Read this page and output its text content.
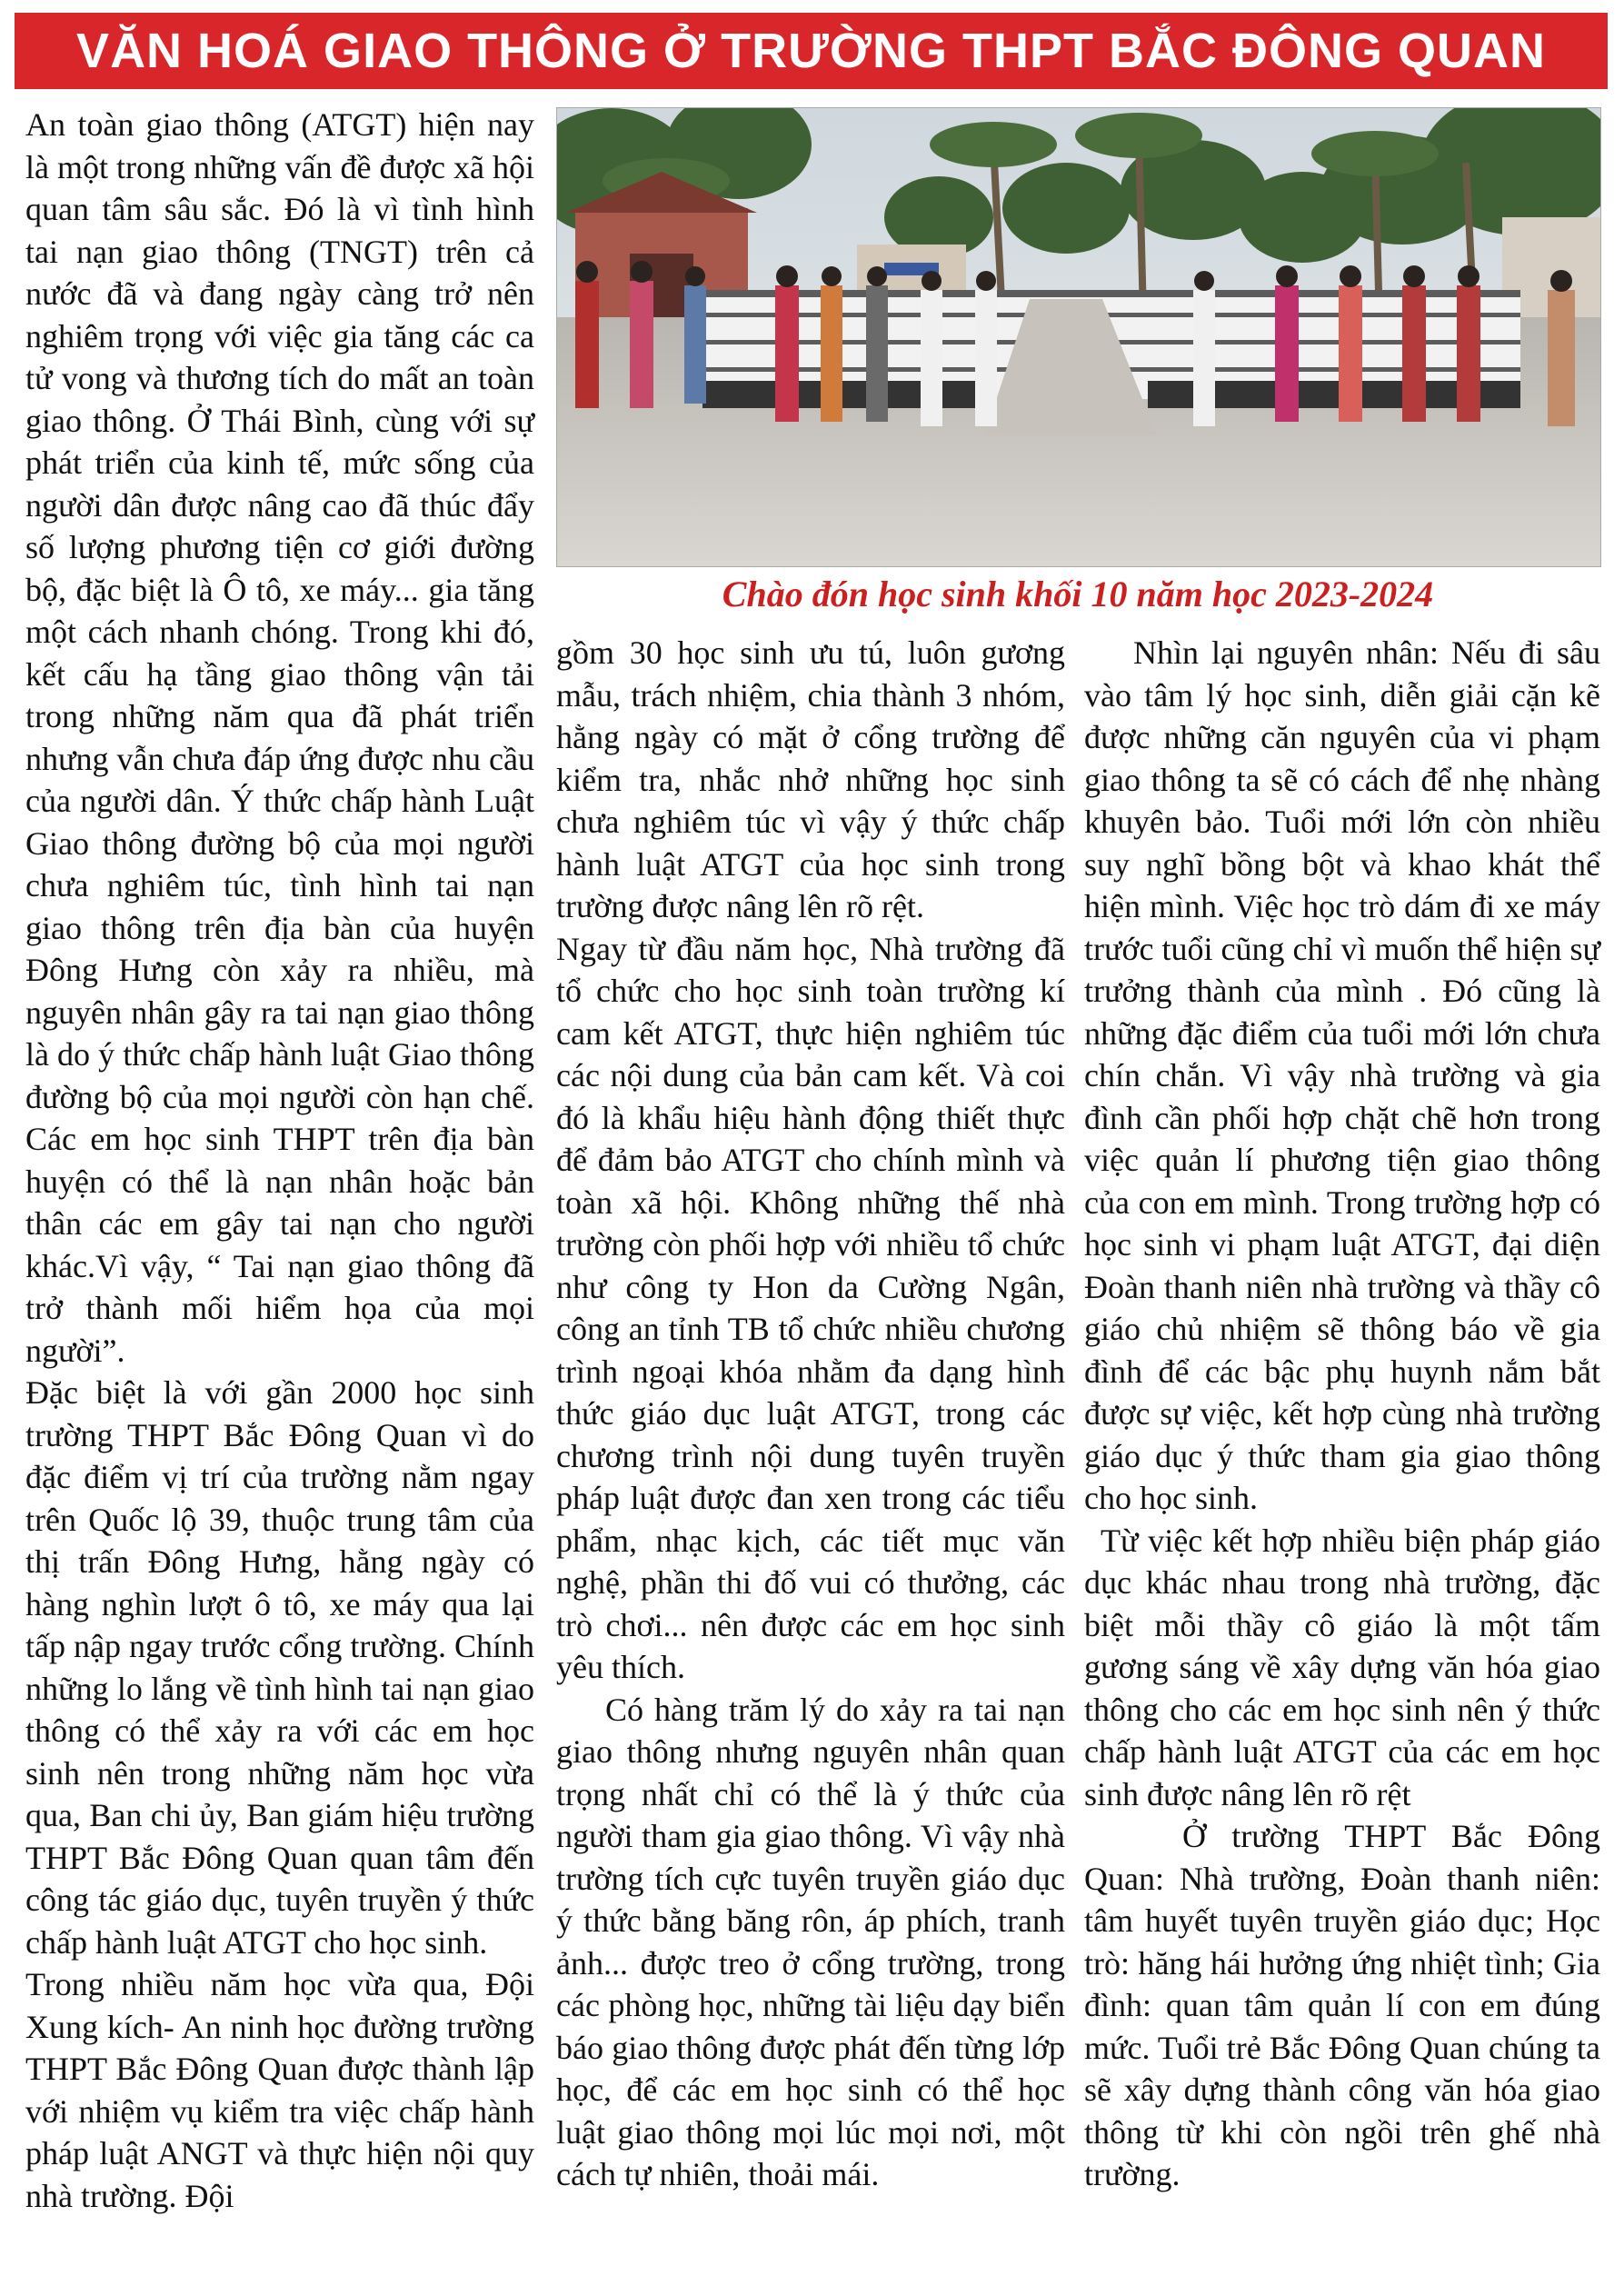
VĂN HOÁ GIAO THÔNG Ở TRƯỜNG THPT BẮC ĐÔNG QUAN

An toàn giao thông (ATGT) hiện nay là một trong những vấn đề được xã hội quan tâm sâu sắc. Đó là vì tình hình tai nạn giao thông (TNGT) trên cả nước đã và đang ngày càng trở nên nghiêm trọng với việc gia tăng các ca tử vong và thương tích do mất an toàn giao thông. Ở Thái Bình, cùng với sự phát triển của kinh tế, mức sống của người dân được nâng cao đã thúc đẩy số lượng phương tiện cơ giới đường bộ, đặc biệt là Ô tô, xe máy... gia tăng một cách nhanh chóng. Trong khi đó, kết cấu hạ tầng giao thông vận tải trong những năm qua đã phát triển nhưng vẫn chưa đáp ứng được nhu cầu của người dân. Ý thức chấp hành Luật Giao thông đường bộ của mọi người chưa nghiêm túc, tình hình tai nạn giao thông trên địa bàn của huyện Đông Hưng còn xảy ra nhiều, mà nguyên nhân gây ra tai nạn giao thông là do ý thức chấp hành luật Giao thông đường bộ của mọi người còn hạn chế. Các em học sinh THPT trên địa bàn huyện có thể là nạn nhân hoặc bản thân các em gây tai nạn cho người khác.Vì vậy, “ Tai nạn giao thông đã trở thành mối hiểm họa của mọi người”.

Đặc biệt là với gần 2000 học sinh trường THPT Bắc Đông Quan vì do đặc điểm vị trí của trường nằm ngay trên Quốc lộ 39, thuộc trung tâm của thị trấn Đông Hưng, hằng ngày có hàng nghìn lượt ô tô, xe máy qua lại tấp nập ngay trước cổng trường. Chính những lo lắng về tình hình tai nạn giao thông có thể xảy ra với các em học sinh nên trong những năm học vừa qua, Ban chi ủy, Ban giám hiệu trường THPT Bắc Đông Quan quan tâm đến công tác giáo dục, tuyên truyền ý thức chấp hành luật ATGT cho học sinh.

Trong nhiều năm học vừa qua, Đội Xung kích- An ninh học đường trường THPT Bắc Đông Quan được thành lập với nhiệm vụ kiểm tra việc chấp hành pháp luật ANGT và thực hiện nội quy nhà trường. Đội

Chào đón học sinh khối 10 năm học 2023-2024

gồm 30 học sinh ưu tú, luôn gương mẫu, trách nhiệm, chia thành 3 nhóm, hằng ngày có mặt ở cổng trường để kiểm tra, nhắc nhở những học sinh chưa nghiêm túc vì vậy ý thức chấp hành luật ATGT của học sinh trong trường được nâng lên rõ rệt.

Ngay từ đầu năm học, Nhà trường đã tổ chức cho học sinh toàn trường kí cam kết ATGT, thực hiện nghiêm túc các nội dung của bản cam kết. Và coi đó là khẩu hiệu hành động thiết thực để đảm bảo ATGT cho chính mình và toàn xã hội. Không những thế nhà trường còn phối hợp với nhiều tổ chức như công ty Hon da Cường Ngân, công an tỉnh TB tổ chức nhiều chương trình ngoại khóa nhằm đa dạng hình thức giáo dục luật ATGT, trong các chương trình nội dung tuyên truyền pháp luật được đan xen trong các tiểu phẩm, nhạc kịch, các tiết mục văn nghệ, phần thi đố vui có thưởng, các trò chơi... nên được các em học sinh yêu thích.

Có hàng trăm lý do xảy ra tai nạn giao thông nhưng nguyên nhân quan trọng nhất chỉ có thể là ý thức của người tham gia giao thông. Vì vậy nhà trường tích cực tuyên truyền giáo dục ý thức bằng băng rôn, áp phích, tranh ảnh... được treo ở cổng trường, trong các phòng học, những tài liệu dạy biển báo giao thông được phát đến từng lớp học, để các em học sinh có thể học luật giao thông mọi lúc mọi nơi, một cách tự nhiên, thoải mái.

Nhìn lại nguyên nhân: Nếu đi sâu vào tâm lý học sinh, diễn giải cặn kẽ được những căn nguyên của vi phạm giao thông ta sẽ có cách để nhẹ nhàng khuyên bảo. Tuổi mới lớn còn nhiều suy nghĩ bồng bột và khao khát thể hiện mình. Việc học trò dám đi xe máy trước tuổi cũng chỉ vì muốn thể hiện sự trưởng thành của mình . Đó cũng là những đặc điểm của tuổi mới lớn chưa chín chắn. Vì vậy nhà trường và gia đình cần phối hợp chặt chẽ hơn trong việc quản lí phương tiện giao thông của con em mình. Trong trường hợp có học sinh vi phạm luật ATGT, đại diện Đoàn thanh niên nhà trường và thầy cô giáo chủ nhiệm sẽ thông báo về gia đình để các bậc phụ huynh nắm bắt được sự việc, kết hợp cùng nhà trường giáo dục ý thức tham gia giao thông cho học sinh.

Từ việc kết hợp nhiều biện pháp giáo dục khác nhau trong nhà trường, đặc biệt mỗi thầy cô giáo là một tấm gương sáng về xây dựng văn hóa giao thông cho các em học sinh nên ý thức chấp hành luật ATGT của các em học sinh được nâng lên rõ rệt

Ở trường THPT Bắc Đông Quan: Nhà trường, Đoàn thanh niên: tâm huyết tuyên truyền giáo dục; Học trò: hăng hái hưởng ứng nhiệt tình; Gia đình: quan tâm quản lí con em đúng mức. Tuổi trẻ Bắc Đông Quan chúng ta sẽ xây dựng thành công văn hóa giao thông từ khi còn ngồi trên ghế nhà trường.
